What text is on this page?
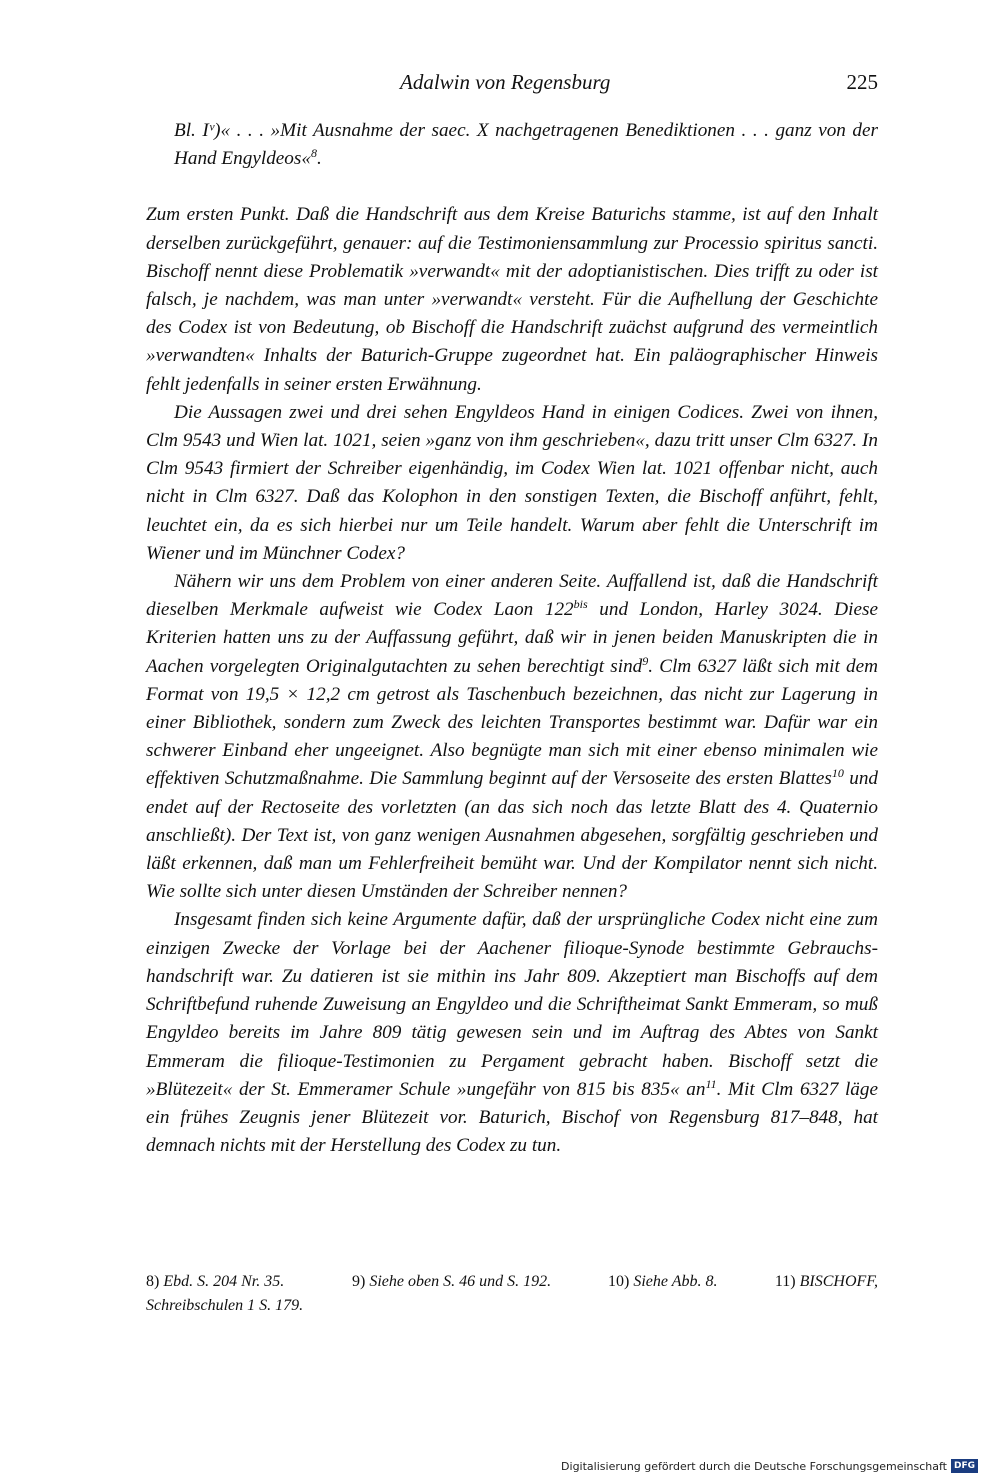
Adalwin von Regensburg	225

Bl. Iᵛ)« . . . »Mit Ausnahme der saec. X nachgetragenen Benediktionen . . . ganz von der Hand Engyldeos«$^8$.

Zum ersten Punkt. Daß die Handschrift aus dem Kreise Baturichs stamme, ist auf den Inhalt derselben zurückgeführt, genauer: auf die Testimoniensammlung zur Processio spiritus sancti. Bischoff nennt diese Problematik »verwandt« mit der adoptianistischen. Dies trifft zu oder ist falsch, je nachdem, was man unter »verwandt« versteht. Für die Aufhellung der Geschichte des Codex ist von Bedeutung, ob Bischoff die Handschrift zuächst aufgrund des vermeintlich »verwandten« Inhalts der Baturich-Gruppe zugeordnet hat. Ein paläographischer Hinweis fehlt jedenfalls in seiner ersten Erwähnung.

Die Aussagen zwei und drei sehen Engyldeos Hand in einigen Codices. Zwei von ihnen, Clm 9543 und Wien lat. 1021, seien »ganz von ihm geschrieben«, dazu tritt unser Clm 6327. In Clm 9543 firmiert der Schreiber eigenhändig, im Codex Wien lat. 1021 offenbar nicht, auch nicht in Clm 6327. Daß das Kolophon in den sonstigen Texten, die Bischoff anführt, fehlt, leuchtet ein, da es sich hierbei nur um Teile handelt. Warum aber fehlt die Unterschrift im Wiener und im Münchner Codex?

Nähern wir uns dem Problem von einer anderen Seite. Auffallend ist, daß die Handschrift dieselben Merkmale aufweist wie Codex Laon $122^{bis}$ und London, Harley 3024. Diese Kriterien hatten uns zu der Auffassung geführt, daß wir in jenen beiden Manuskripten die in Aachen vorgelegten Originalgutachten zu sehen berechtigt sind$^9$. Clm 6327 läßt sich mit dem Format von 19,5 × 12,2 cm getrost als Taschenbuch bezeichnen, das nicht zur Lagerung in einer Bibliothek, sondern zum Zweck des leichten Transportes bestimmt war. Dafür war ein schwerer Einband eher ungeeignet. Also begnügte man sich mit einer ebenso minimalen wie effektiven Schutzmaßnahme. Die Sammlung beginnt auf der Versoseite des ersten Blattes$^{10}$ und endet auf der Rectoseite des vorletzten (an das sich noch das letzte Blatt des 4. Quaternio anschließt). Der Text ist, von ganz wenigen Ausnahmen abgesehen, sorgfältig geschrieben und läßt erkennen, daß man um Fehlerfreiheit bemüht war. Und der Kompilator nennt sich nicht. Wie sollte sich unter diesen Umständen der Schreiber nennen?

Insgesamt finden sich keine Argumente dafür, daß der ursprüngliche Codex nicht eine zum einzigen Zwecke der Vorlage bei der Aachener filioque-Synode bestimmte Gebrauchshandschrift war. Zu datieren ist sie mithin ins Jahr 809. Akzeptiert man Bischoffs auf dem Schriftbefund ruhende Zuweisung an Engyldeo und die Schriftheimat Sankt Emmeram, so muß Engyldeo bereits im Jahre 809 tätig gewesen sein und im Auftrag des Abtes von Sankt Emmeram die filioque-Testimonien zu Pergament gebracht haben. Bischoff setzt die »Blütezeit« der St. Emmeramer Schule »ungefähr von 815 bis 835« $an^{11}$. Mit Clm 6327 läge ein frühes Zeugnis jener Blütezeit vor. Baturich, Bischof von Regensburg 817–848, hat demnach nichts mit der Herstellung des Codex zu tun.

8) Ebd. S. 204 Nr. 35.	9) Siehe oben S. 46 und S. 192.	10) Siehe Abb. 8.	11) BISCHOFF,
Schreibschulen 1 S. 179.
Digitalisierung gefördert durch die Deutsche Forschungsgemeinschaft DFG
